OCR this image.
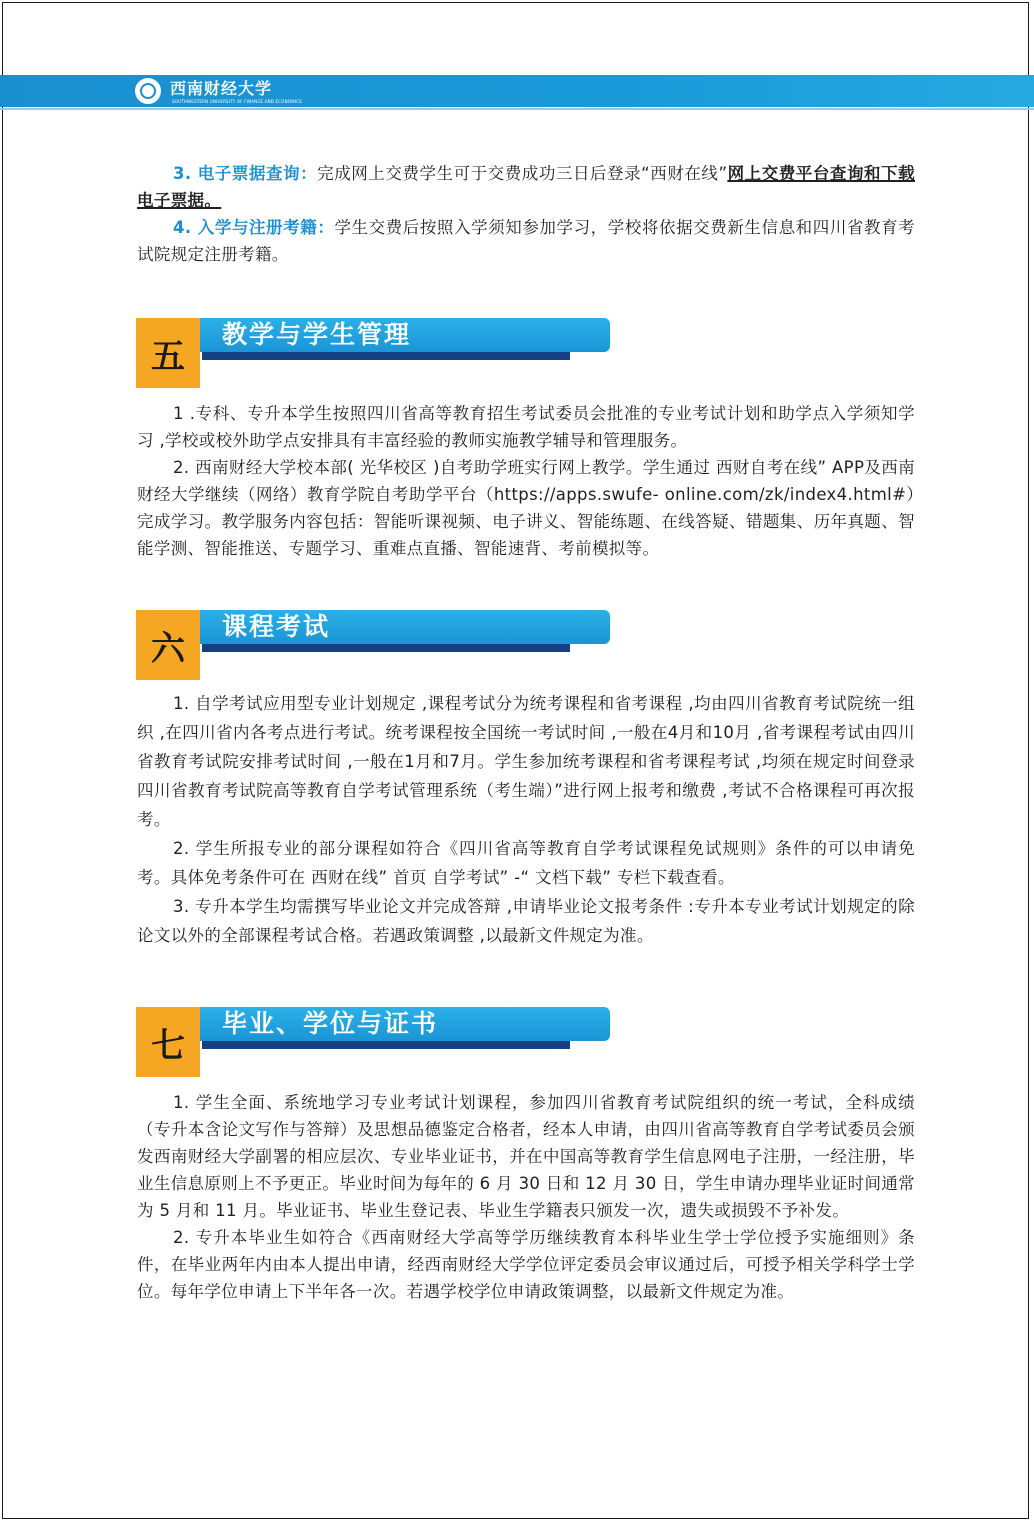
西南财经大学
SOUTHWESTERN UNIVERSITY OF FINANCE AND ECONOMICS

3. 电子票据查询：完成网上交费学生可于交费成功三日后登录“西财在线”网上交费平台查询和下载电子票据。

4. 入学与注册考籍：学生交费后按照入学须知参加学习，学校将依据交费新生信息和四川省教育考试院规定注册考籍。

五
教学与学生管理

1 .专科、专升本学生按照四川省高等教育招生考试委员会批准的专业考试计划和助学点入学须知学习 ,学校或校外助学点安排具有丰富经验的教师实施教学辅导和管理服务。

2. 西南财经大学校本部( 光华校区 )自考助学班实行网上教学。学生通过 西财自考在线” APP及西南财经大学继续（网络）教育学院自考助学平台（https://apps.swufe- online.com/zk/index4.html#）完成学习。教学服务内容包括：智能听课视频、电子讲义、智能练题、在线答疑、错题集、历年真题、智能学测、智能推送、专题学习、重难点直播、智能速背、考前模拟等。

六
课程考试

1. 自学考试应用型专业计划规定 ,课程考试分为统考课程和省考课程 ,均由四川省教育考试院统一组织 ,在四川省内各考点进行考试。统考课程按全国统一考试时间 ,一般在4月和10月 ,省考课程考试由四川省教育考试院安排考试时间 ,一般在1月和7月。学生参加统考课程和省考课程考试 ,均须在规定时间登录 四川省教育考试院高等教育自学考试管理系统（考生端）”进行网上报考和缴费 ,考试不合格课程可再次报考。

2. 学生所报专业的部分课程如符合《四川省高等教育自学考试课程免试规则》条件的可以申请免考。具体免考条件可在 西财在线” 首页 自学考试” -“ 文档下载” 专栏下载查看。

3. 专升本学生均需撰写毕业论文并完成答辩 ,申请毕业论文报考条件 :专升本专业考试计划规定的除论文以外的全部课程考试合格。若遇政策调整 ,以最新文件规定为准。

七
毕业、学位与证书

1. 学生全面、系统地学习专业考试计划课程，参加四川省教育考试院组织的统一考试，全科成绩（专升本含论文写作与答辩）及思想品德鉴定合格者，经本人申请，由四川省高等教育自学考试委员会颁发西南财经大学副署的相应层次、专业毕业证书，并在中国高等教育学生信息网电子注册，一经注册，毕业生信息原则上不予更正。毕业时间为每年的 6 月 30 日和 12 月 30 日，学生申请办理毕业证时间通常为 5 月和 11 月。毕业证书、毕业生登记表、毕业生学籍表只颁发一次，遗失或损毁不予补发。

2. 专升本毕业生如符合《西南财经大学高等学历继续教育本科毕业生学士学位授予实施细则》条件，在毕业两年内由本人提出申请，经西南财经大学学位评定委员会审议通过后，可授予相关学科学士学位。每年学位申请上下半年各一次。若遇学校学位申请政策调整，以最新文件规定为准。
